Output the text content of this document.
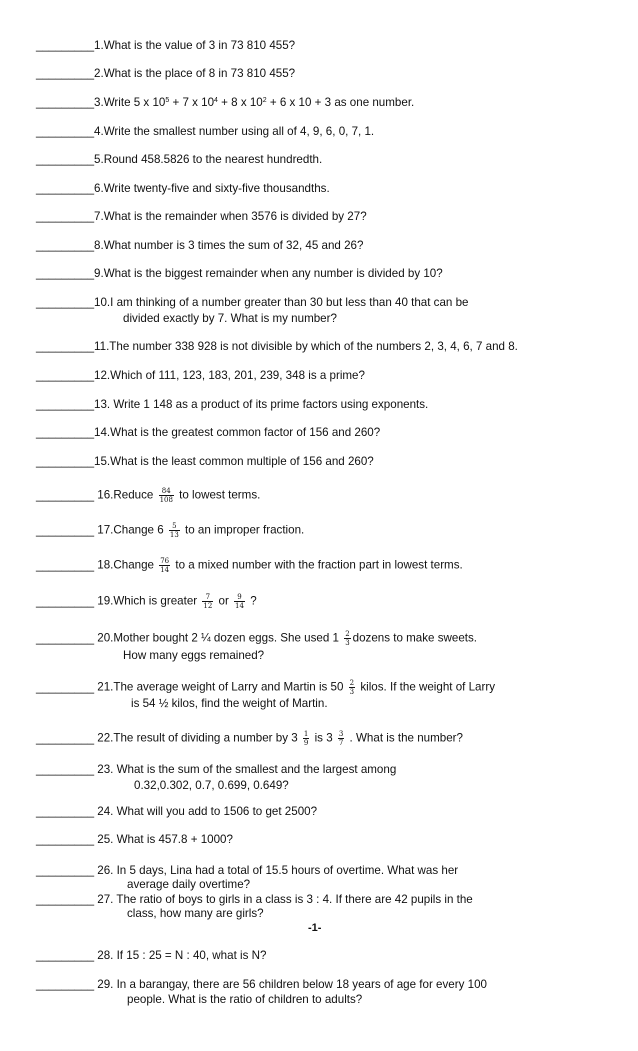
_________1.What is the value of 3 in 73 810 455?
_________2.What is the place of 8 in 73 810 455?
_________3.Write 5 x $10^5 + 7$ x $10^4 + 8$ x $10^2 + 6$ x 10 + 3 as one number.
_________4.Write the smallest number using all of 4, 9, 6, 0, 7, 1.
_________5.Round 458.5826 to the nearest hundredth.
_________6.Write twenty-five and sixty-five thousandths.
_________7.What is the remainder when 3576 is divided by 27?
_________8.What number is 3 times the sum of 32, 45 and 26?
_________9.What is the biggest remainder when any number is divided by 10?
_________10.I am thinking of a number greater than 30 but less than 40 that can be
divided exactly by 7. What is my number?
_________11.The number 338 928 is not divisible by which of the numbers 2, 3, 4, 6, 7 and 8.
_________12.Which of 111, 123, 183, 201, 239, 348 is a prime?
_________13. Write 1 148 as a product of its prime factors using exponents.
_________14.What is the greatest common factor of 156 and 260?
_________15.What is the least common multiple of 156 and 260?
_________ 16.Reduce $\frac{84}{108}$ to lowest terms.
_________ 17.Change $6 \frac{5}{13}$ to an improper fraction.
_________ 18.Change $\frac{76}{14}$ to a mixed number with the fraction part in lowest terms.
_________ 19.Which is greater $\frac{7}{12}$ or $\frac{9}{14}$ ?
_________ 20.Mother bought 2 ¼ dozen eggs. She used $1 \frac{2}{3}$ dozens to make sweets.
How many eggs remained?
_________ 21.The average weight of Larry and Martin is $50 \frac{2}{3}$ kilos. If the weight of Larry
is 54 ½ kilos, find the weight of Martin.
_________ 22.The result of dividing a number by $3 \frac{1}{9}$ is $3 \frac{3}{7}$ . What is the number?
_________ 23. What is the sum of the smallest and the largest among
0.32,0.302, 0.7, 0.699, 0.649?
_________ 24. What will you add to 1506 to get 2500?
_________ 25. What is 457.8 + 1000?
_________ 26. In 5 days, Lina had a total of 15.5 hours of overtime. What was her
average daily overtime?
_________ 27. The ratio of boys to girls in a class is 3 : 4. If there are 42 pupils in the
class, how many are girls?
-1-
_________ 28. If 15 : 25 = N : 40, what is N?
_________ 29. In a barangay, there are 56 children below 18 years of age for every 100
people. What is the ratio of children to adults?
